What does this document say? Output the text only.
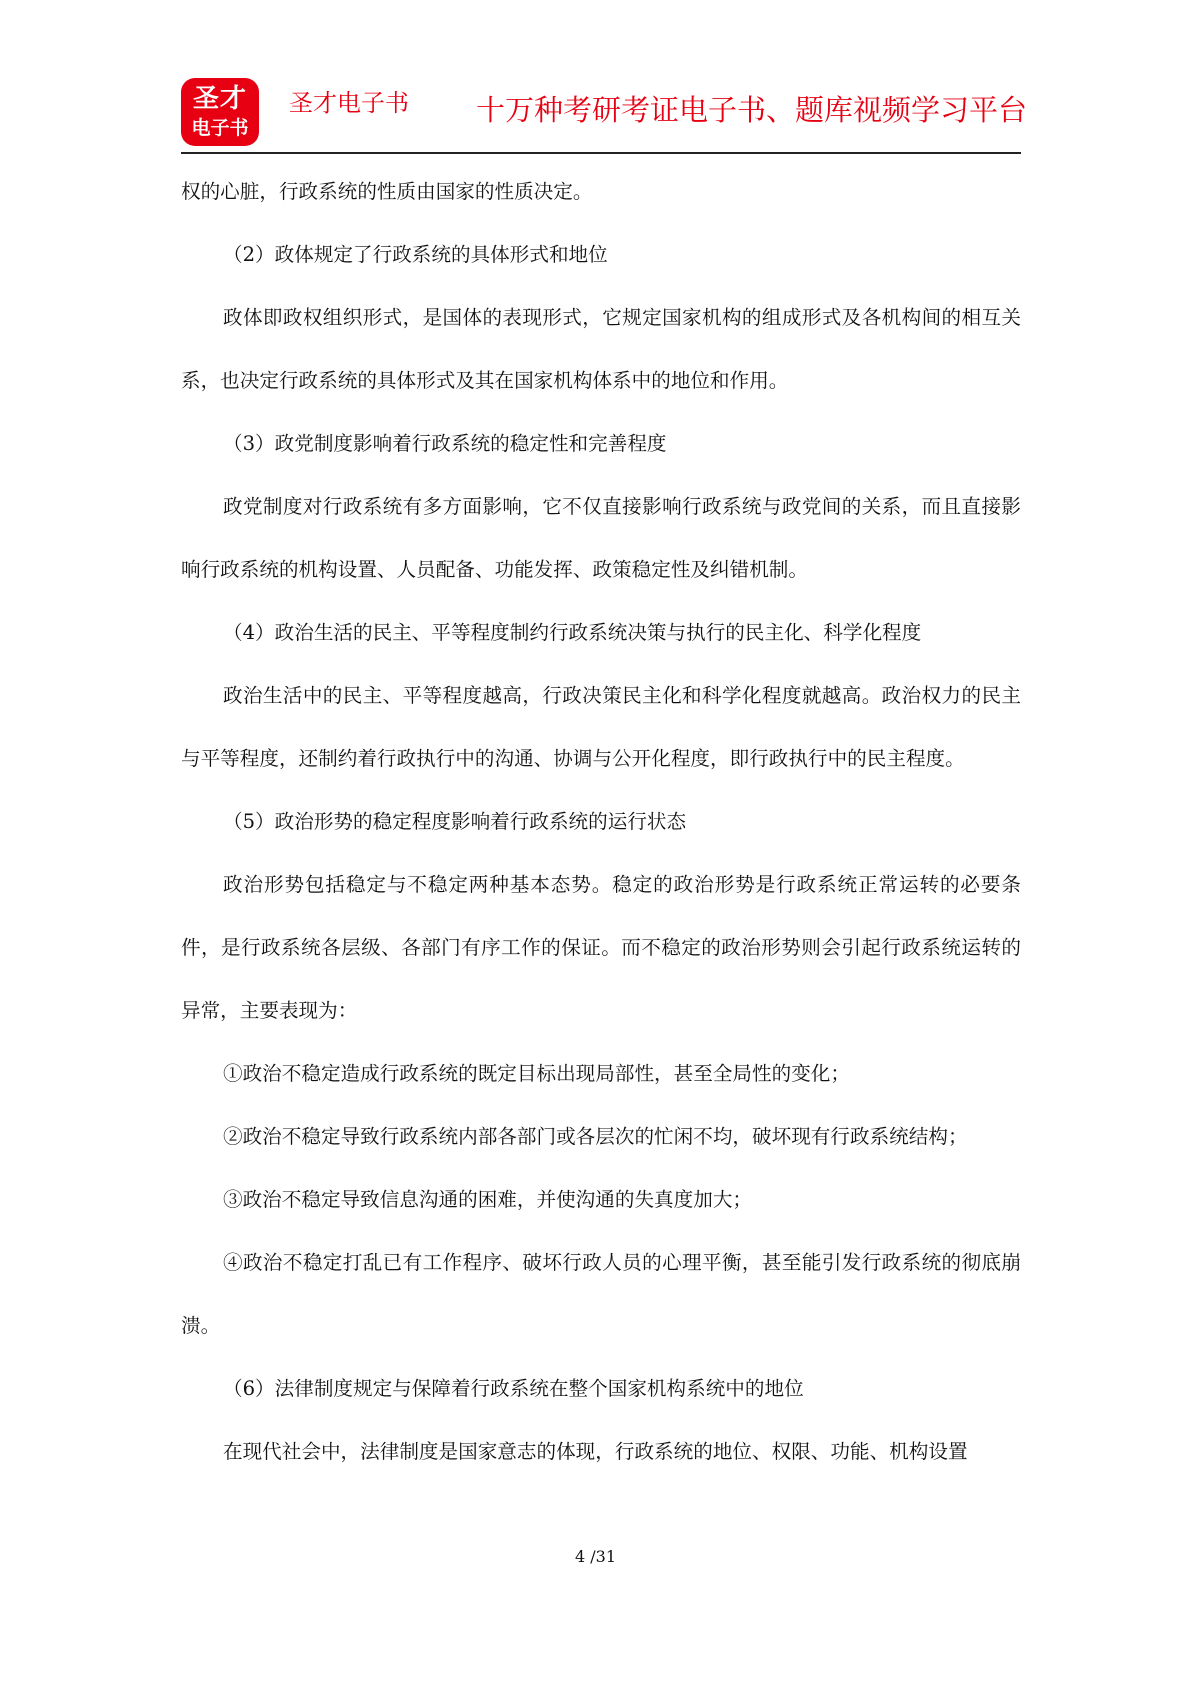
圣才
电子书
圣才电子书 十万种考研考证电子书、题库视频学习平台

权的心脏，行政系统的性质由国家的性质决定。

（2）政体规定了行政系统的具体形式和地位

政体即政权组织形式，是国体的表现形式，它规定国家机构的组成形式及各机构间的相互关系，也决定行政系统的具体形式及其在国家机构体系中的地位和作用。

（3）政党制度影响着行政系统的稳定性和完善程度

政党制度对行政系统有多方面影响，它不仅直接影响行政系统与政党间的关系，而且直接影响行政系统的机构设置、人员配备、功能发挥、政策稳定性及纠错机制。

（4）政治生活的民主、平等程度制约行政系统决策与执行的民主化、科学化程度

政治生活中的民主、平等程度越高，行政决策民主化和科学化程度就越高。政治权力的民主与平等程度，还制约着行政执行中的沟通、协调与公开化程度，即行政执行中的民主程度。

（5）政治形势的稳定程度影响着行政系统的运行状态

政治形势包括稳定与不稳定两种基本态势。稳定的政治形势是行政系统正常运转的必要条件，是行政系统各层级、各部门有序工作的保证。而不稳定的政治形势则会引起行政系统运转的异常，主要表现为：

①政治不稳定造成行政系统的既定目标出现局部性，甚至全局性的变化；

②政治不稳定导致行政系统内部各部门或各层次的忙闲不均，破坏现有行政系统结构；

③政治不稳定导致信息沟通的困难，并使沟通的失真度加大；

④政治不稳定打乱已有工作程序、破坏行政人员的心理平衡，甚至能引发行政系统的彻底崩溃。

（6）法律制度规定与保障着行政系统在整个国家机构系统中的地位

在现代社会中，法律制度是国家意志的体现，行政系统的地位、权限、功能、机构设置

4 /31
